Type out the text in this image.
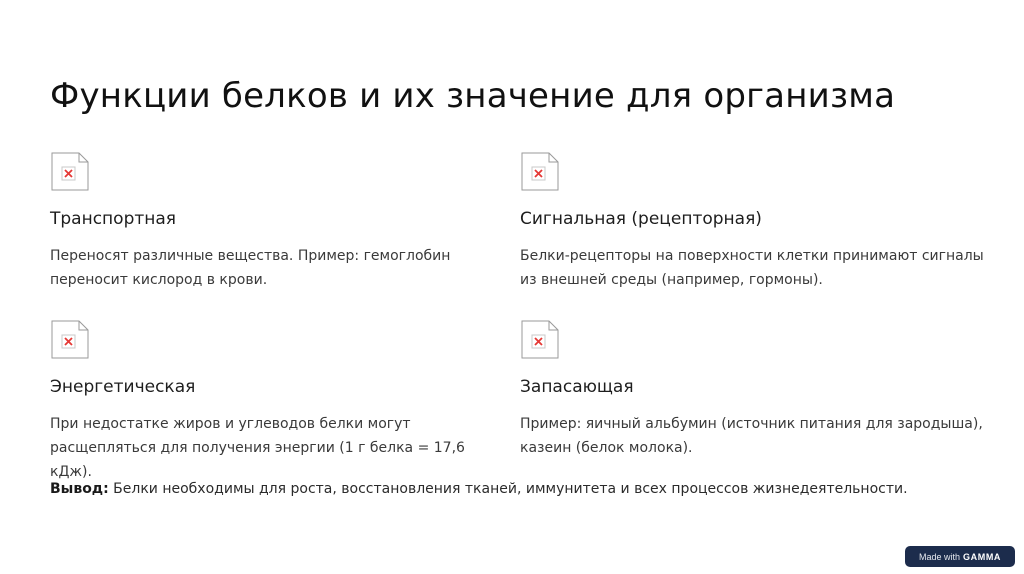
Функции белков и их значение для организма
Транспортная
Переносят различные вещества. Пример: гемоглобин переносит кислород в крови.
Сигнальная (рецепторная)
Белки-рецепторы на поверхности клетки принимают сигналы из внешней среды (например, гормоны).
Энергетическая
При недостатке жиров и углеводов белки могут расщепляться для получения энергии (1 г белка = 17,6 кДж).
Запасающая
Пример: яичный альбумин (источник питания для зародыша), казеин (белок молока).
Вывод: Белки необходимы для роста, восстановления тканей, иммунитета и всех процессов жизнедеятельности.
Made with GAMMA
